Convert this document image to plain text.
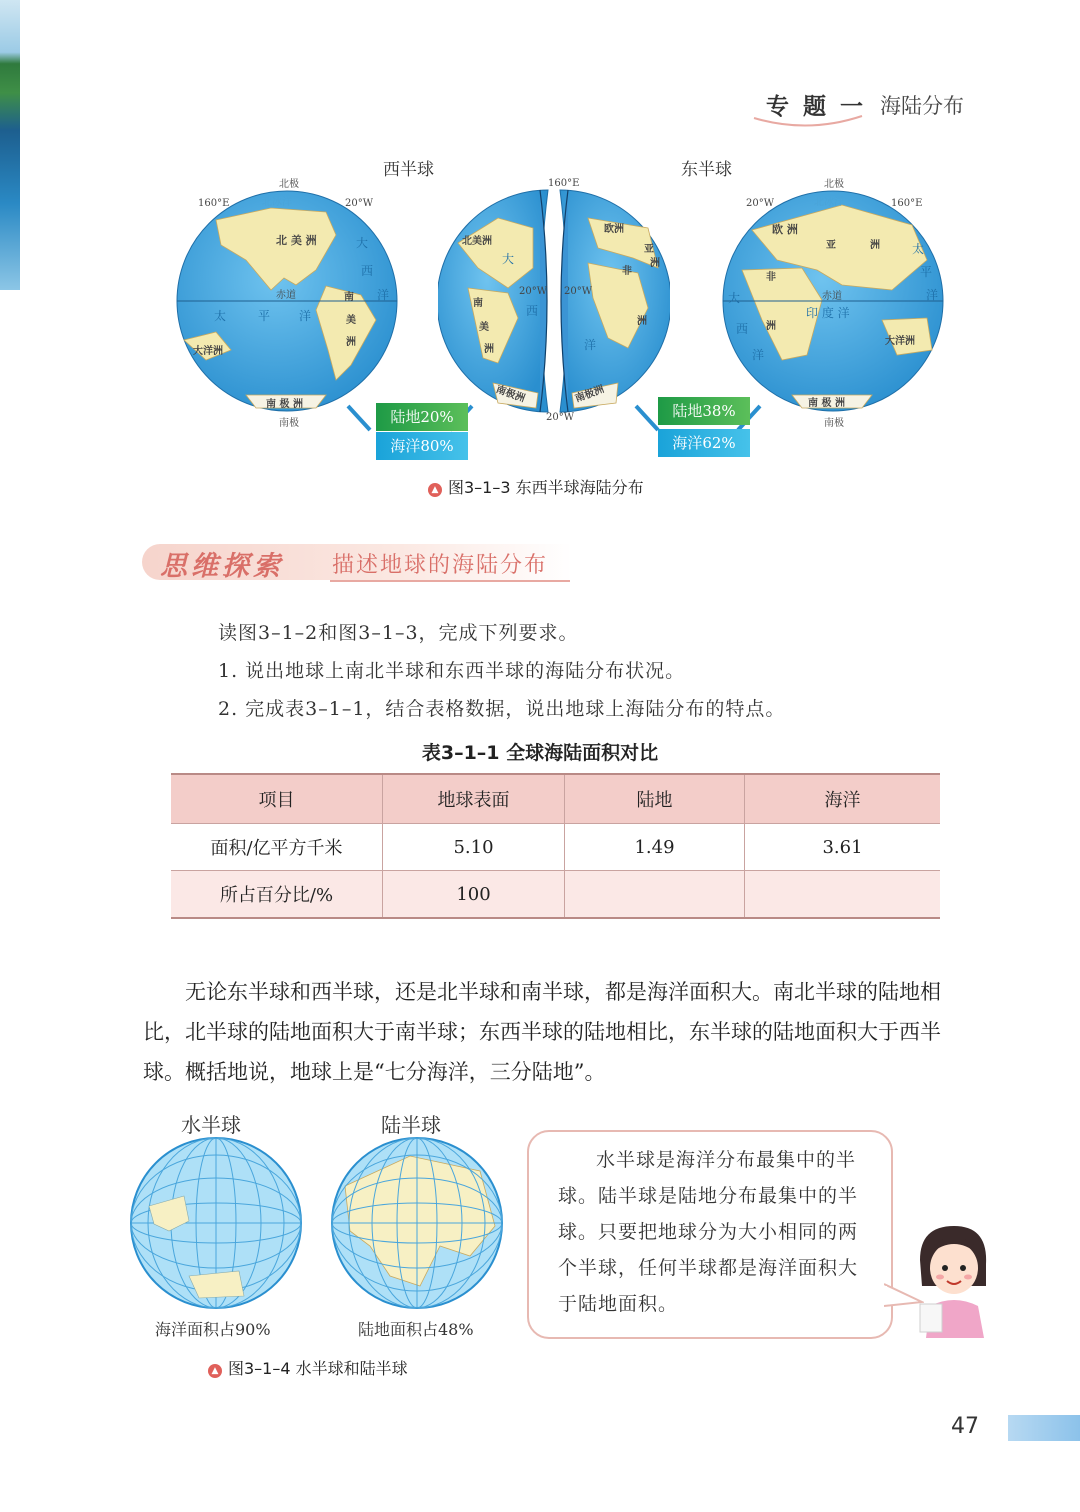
专 题 一 海陆分布
西半球	东半球
北极
160°E	20°W
北冰洋
北 美 洲
赤道	南
美
洲
太	平 洋
大
西
洋
大洋洲
南 极 洲
南极
160°E
20°W 20°W
20°W
北美洲
大
西
南
美
洲
南极洲
欧洲
亚
洲
非
洲
洋
南极洲
北极
20°W	160°E
北冰洋
欧 洲
亚	洲
非
洲
赤道
印 度 洋
大洋洲
南 极 洲
大
西
洋
太
平
洋
南极
陆地20%
海洋80%
陆地38%
海洋62%
▲ 图3–1–3 东西半球海陆分布
思维探索 描述地球的海陆分布
读图3–1–2和图3–1–3，完成下列要求。
1. 说出地球上南北半球和东西半球的海陆分布状况。
2. 完成表3–1–1，结合表格数据，说出地球上海陆分布的特点。
表3–1–1 全球海陆面积对比
项目	地球表面	陆地	海洋
面积/亿平方千米	5.10	1.49	3.61
所占百分比/%	100		
无论东半球和西半球，还是北半球和南半球，都是海洋面积大。南北半球的陆地相比，北半球的陆地面积大于南半球；东西半球的陆地相比，东半球的陆地面积大于西半球。概括地说，地球上是“七分海洋，三分陆地”。
水半球	陆半球
海洋面积占90%	陆地面积占48%
▲ 图3–1–4 水半球和陆半球
水半球是海洋分布最集中的半球。陆半球是陆地分布最集中的半球。只要把地球分为大小相同的两个半球，任何半球都是海洋面积大于陆地面积。
47
